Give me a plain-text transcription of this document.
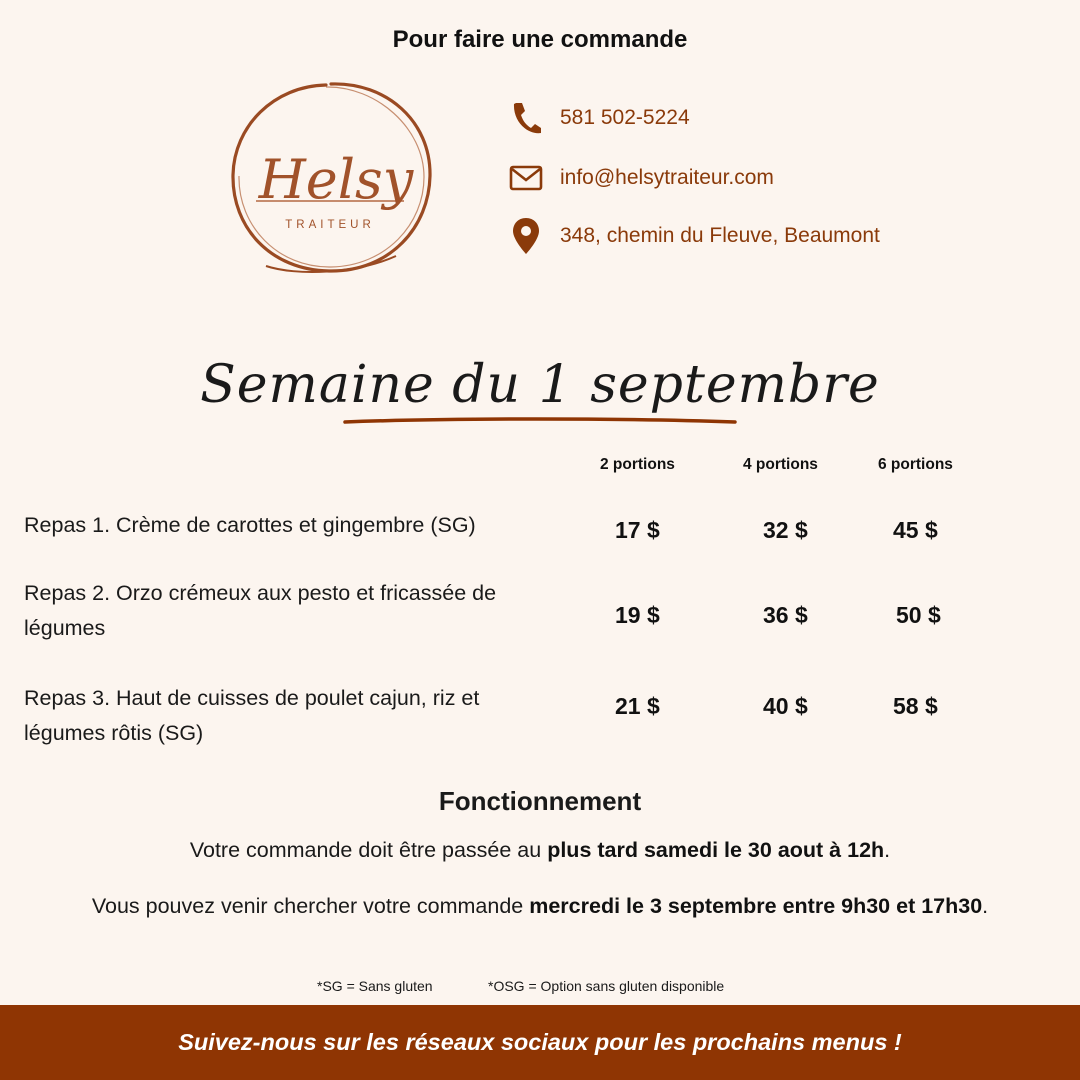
Pour faire une commande
Helsy
TRAITEUR
581 502-5224
info@helsytraiteur.com
348, chemin du Fleuve, Beaumont
Semaine du 1 septembre
2 portions	4 portions	6 portions
Repas 1. Crème de carottes et gingembre (SG)	17 $	32 $	45 $
Repas 2. Orzo crémeux aux pesto et fricassée de
légumes	19 $	36 $	50 $
Repas 3. Haut de cuisses de poulet cajun, riz et
légumes rôtis (SG)
21 $	40 $	58 $
Fonctionnement
Votre commande doit être passée au plus tard samedi le 30 aout à 12h.
Vous pouvez venir chercher votre commande mercredi le 3 septembre entre 9h30 et 17h30.
*SG = Sans gluten	*OSG = Option sans gluten disponible
Suivez-nous sur les réseaux sociaux pour les prochains menus !
